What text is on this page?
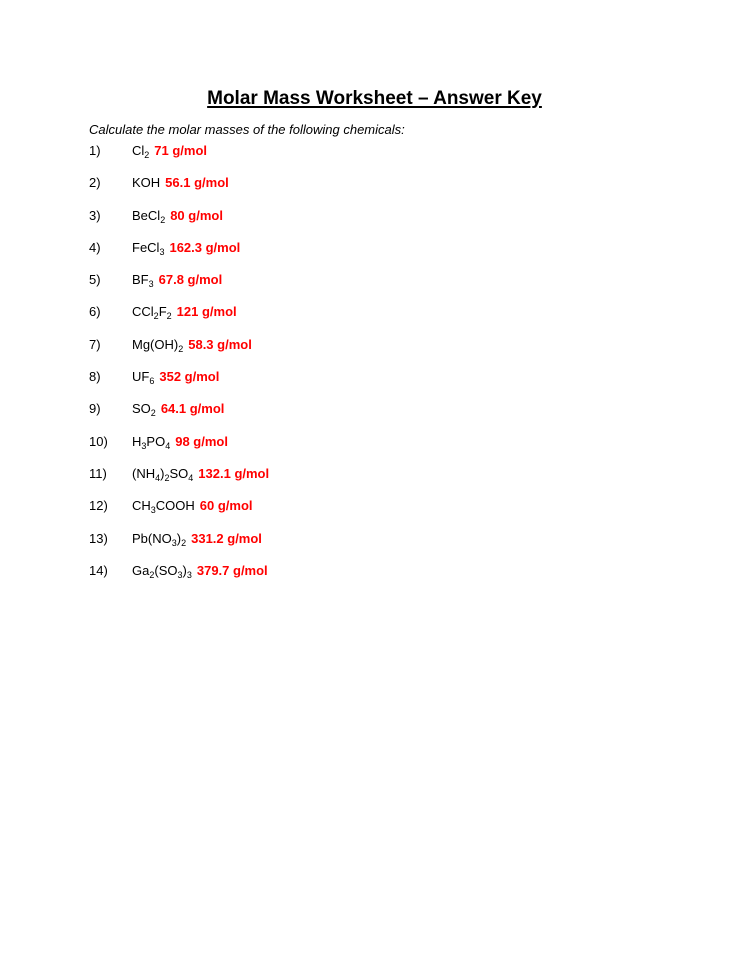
Molar Mass Worksheet – Answer Key
Calculate the molar masses of the following chemicals:
1) $Cl_2$ 71 g/mol
2) KOH 56.1 g/mol
3) BeCl$_2$ 80 g/mol
4) FeCl$_3$ 162.3 g/mol
5) $BF_3$ 67.8 g/mol
6) $CCl_2F_2$ 121 g/mol
7) $Mg(OH)_2$ 58.3 g/mol
8) $UF_6$ 352 g/mol
9) $SO_2$ 64.1 g/mol
10) $H_3PO_4$ 98 g/mol
11) $(NH_4)_2SO_4$ 132.1 g/mol
12) $CH_3COOH$ 60 g/mol
13) $Pb(NO_3)_2$ 331.2 g/mol
14) $Ga_2(SO_3)_3$ 379.7 g/mol
